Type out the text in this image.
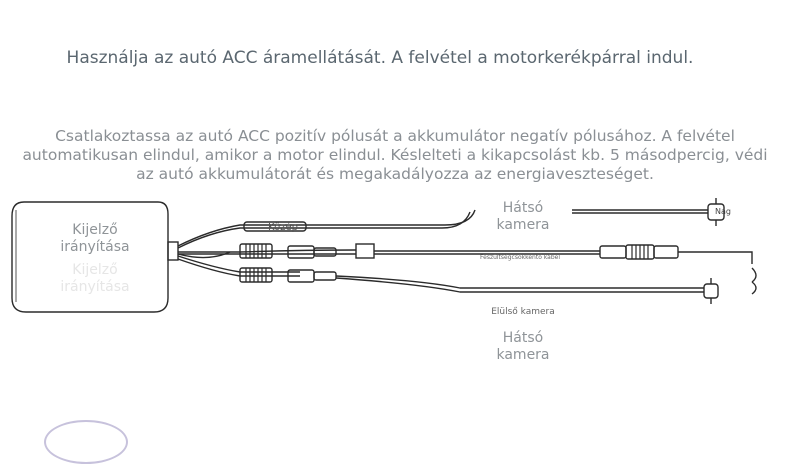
Használja az autó ACC áramellátását. A felvétel a motorkerékpárral indul.
Csatlakoztassa az autó ACC pozitív pólusát a akkumulátor negatív pólusához. A felvétel automatikusan elindul, amikor a motor elindul. Késlelteti a kikapcsolást kb. 5 másodpercig, védi az autó akkumulátorát és megakadályozza az energiaveszteséget.
Kijelző irányítása
Kijelző irányítása
Közép
Hátsó kamera
Feszültségcsökkentő kábel
Elülső kamera
Hátsó kamera
Nag
